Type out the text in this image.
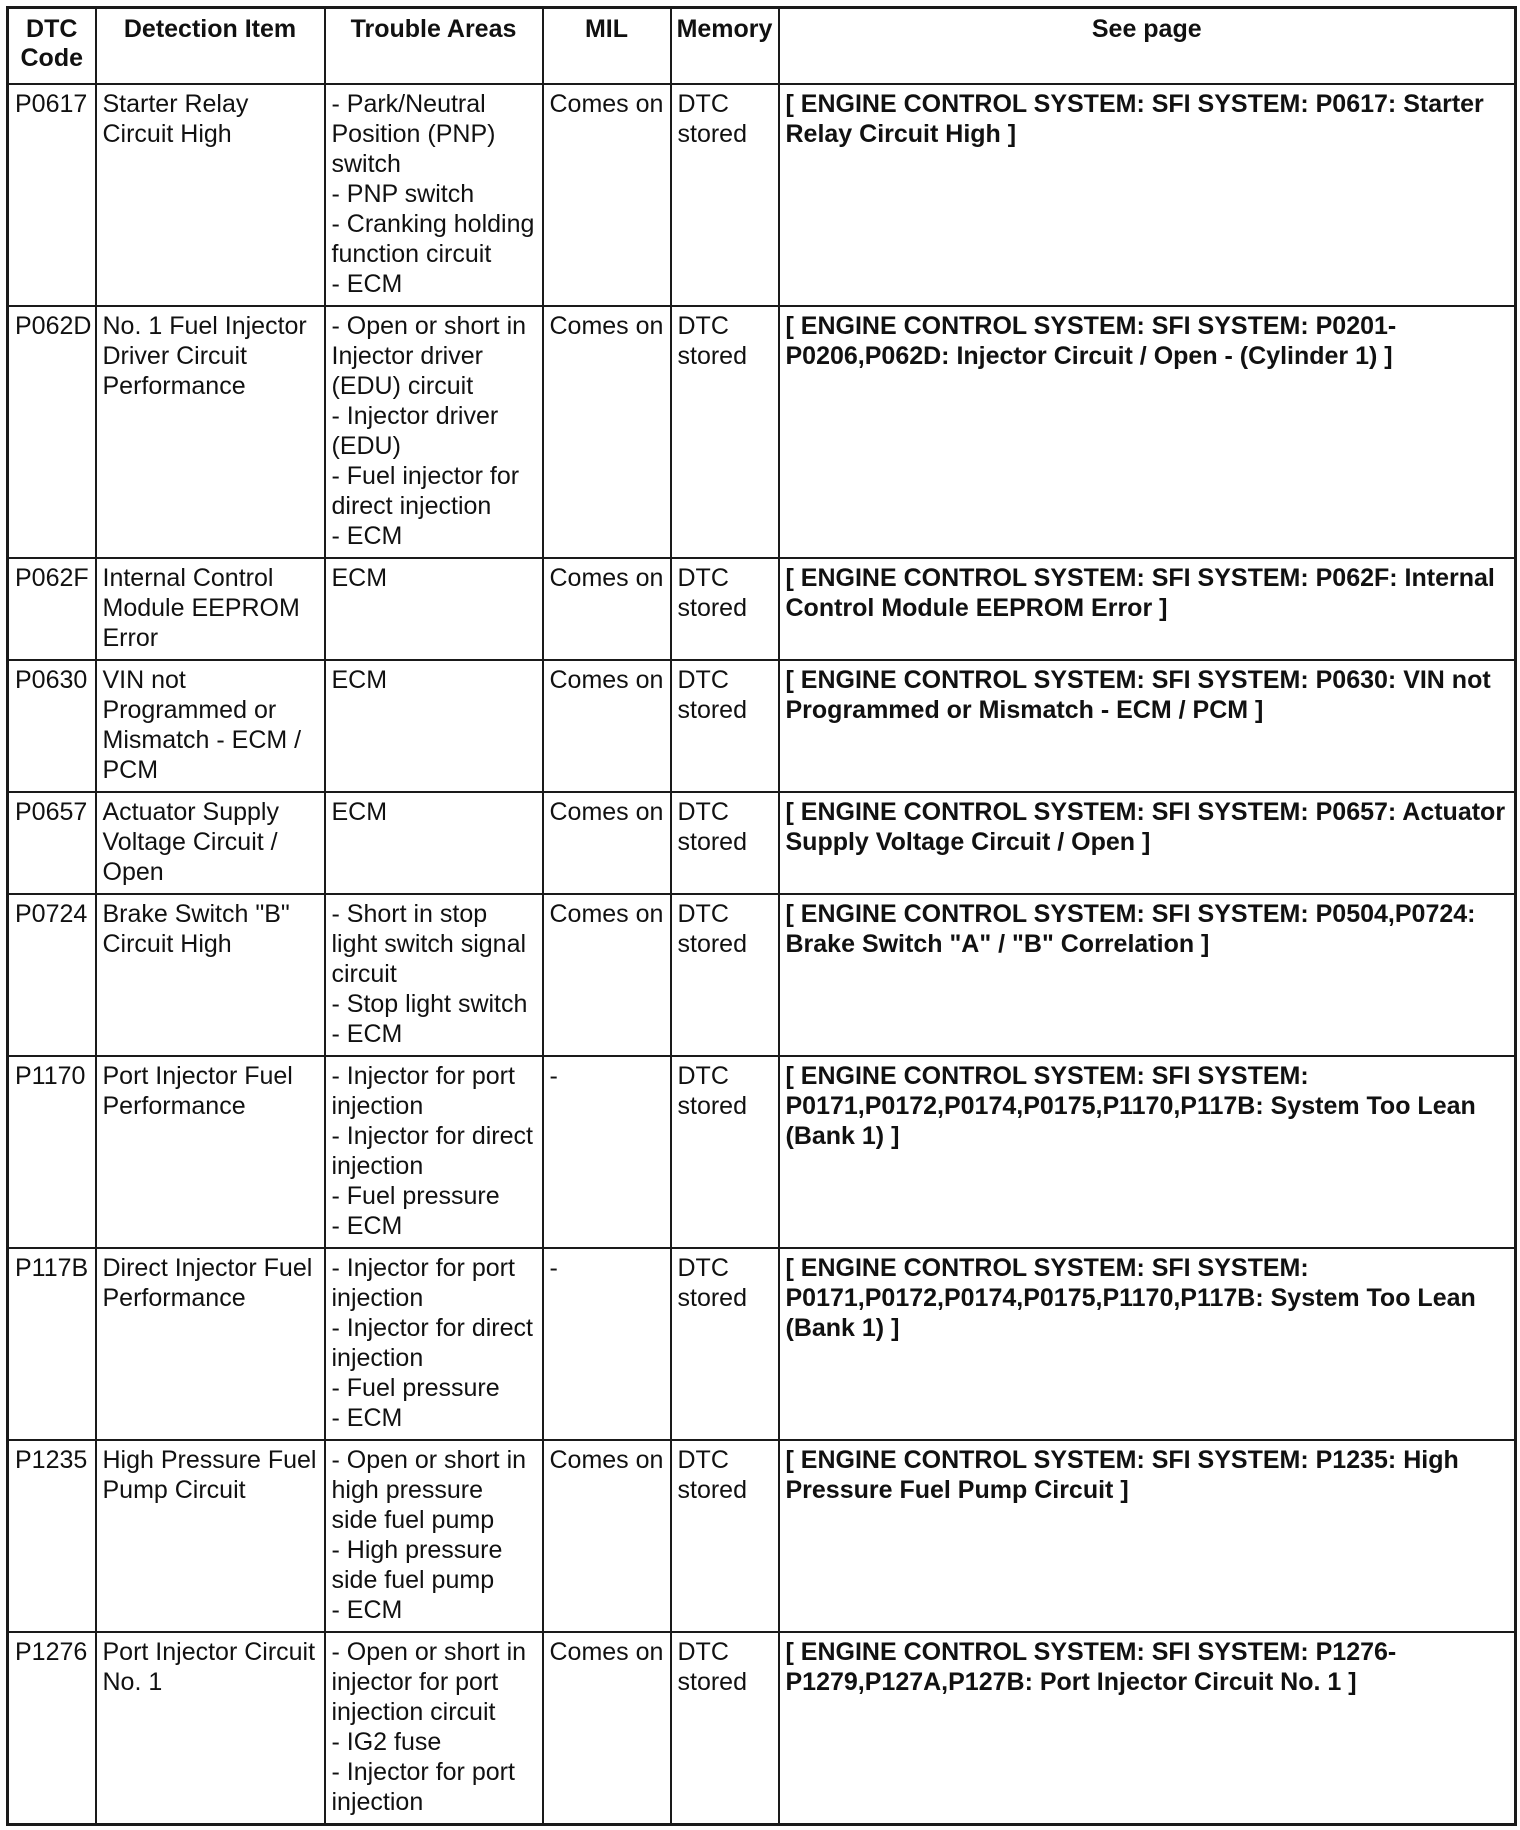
DTC Code	Detection Item	Trouble Areas	MIL	Memory	See page
P0617	Starter Relay Circuit High	- Park/Neutral Position (PNP) switch
- PNP switch
- Cranking holding function circuit
- ECM	Comes on	DTC stored	[ ENGINE CONTROL SYSTEM: SFI SYSTEM: P0617: Starter Relay Circuit High ]
P062D	No. 1 Fuel Injector Driver Circuit Performance	- Open or short in Injector driver (EDU) circuit
- Injector driver (EDU)
- Fuel injector for direct injection
- ECM	Comes on	DTC stored	[ ENGINE CONTROL SYSTEM: SFI SYSTEM: P0201-P0206,P062D: Injector Circuit / Open - (Cylinder 1) ]
P062F	Internal Control Module EEPROM Error	ECM	Comes on	DTC stored	[ ENGINE CONTROL SYSTEM: SFI SYSTEM: P062F: Internal Control Module EEPROM Error ]
P0630	VIN not Programmed or Mismatch - ECM / PCM	ECM	Comes on	DTC stored	[ ENGINE CONTROL SYSTEM: SFI SYSTEM: P0630: VIN not Programmed or Mismatch - ECM / PCM ]
P0657	Actuator Supply Voltage Circuit / Open	ECM	Comes on	DTC stored	[ ENGINE CONTROL SYSTEM: SFI SYSTEM: P0657: Actuator Supply Voltage Circuit / Open ]
P0724	Brake Switch "B" Circuit High	- Short in stop light switch signal circuit
- Stop light switch
- ECM	Comes on	DTC stored	[ ENGINE CONTROL SYSTEM: SFI SYSTEM: P0504,P0724: Brake Switch "A" / "B" Correlation ]
P1170	Port Injector Fuel Performance	- Injector for port injection
- Injector for direct injection
- Fuel pressure
- ECM	-	DTC stored	[ ENGINE CONTROL SYSTEM: SFI SYSTEM: P0171,P0172,P0174,P0175,P1170,P117B: System Too Lean (Bank 1) ]
P117B	Direct Injector Fuel Performance	- Injector for port injection
- Injector for direct injection
- Fuel pressure
- ECM	-	DTC stored	[ ENGINE CONTROL SYSTEM: SFI SYSTEM: P0171,P0172,P0174,P0175,P1170,P117B: System Too Lean (Bank 1) ]
P1235	High Pressure Fuel Pump Circuit	- Open or short in high pressure side fuel pump
- High pressure side fuel pump
- ECM	Comes on	DTC stored	[ ENGINE CONTROL SYSTEM: SFI SYSTEM: P1235: High Pressure Fuel Pump Circuit ]
P1276	Port Injector Circuit No. 1	- Open or short in injector for port injection circuit
- IG2 fuse
- Injector for port injection	Comes on	DTC stored	[ ENGINE CONTROL SYSTEM: SFI SYSTEM: P1276-P1279,P127A,P127B: Port Injector Circuit No. 1 ]
